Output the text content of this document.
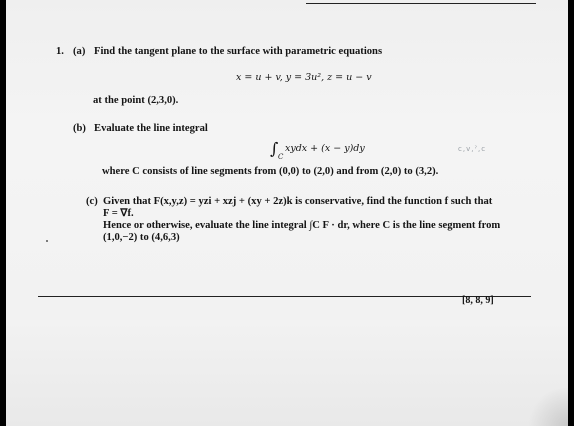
1. (a) Find the tangent plane to the surface with parametric equations
x = u + v, y = 3u², z = u − v
at the point (2,3,0).
(b) Evaluate the line integral
∫ C
xydx + (x − y)dy	c,v,ˀ,c
where C consists of line segments from (0,0) to (2,0) and from (2,0) to (3,2).
(c) Given that F(x,y,z) = yzi + xzj + (xy + 2z)k is conservative, find the function f such that
F = ∇f.
Hence or otherwise, evaluate the line integral ∫C F · dr, where C is the line segment from
(1,0,−2) to (4,6,3)
[8, 8, 9]
